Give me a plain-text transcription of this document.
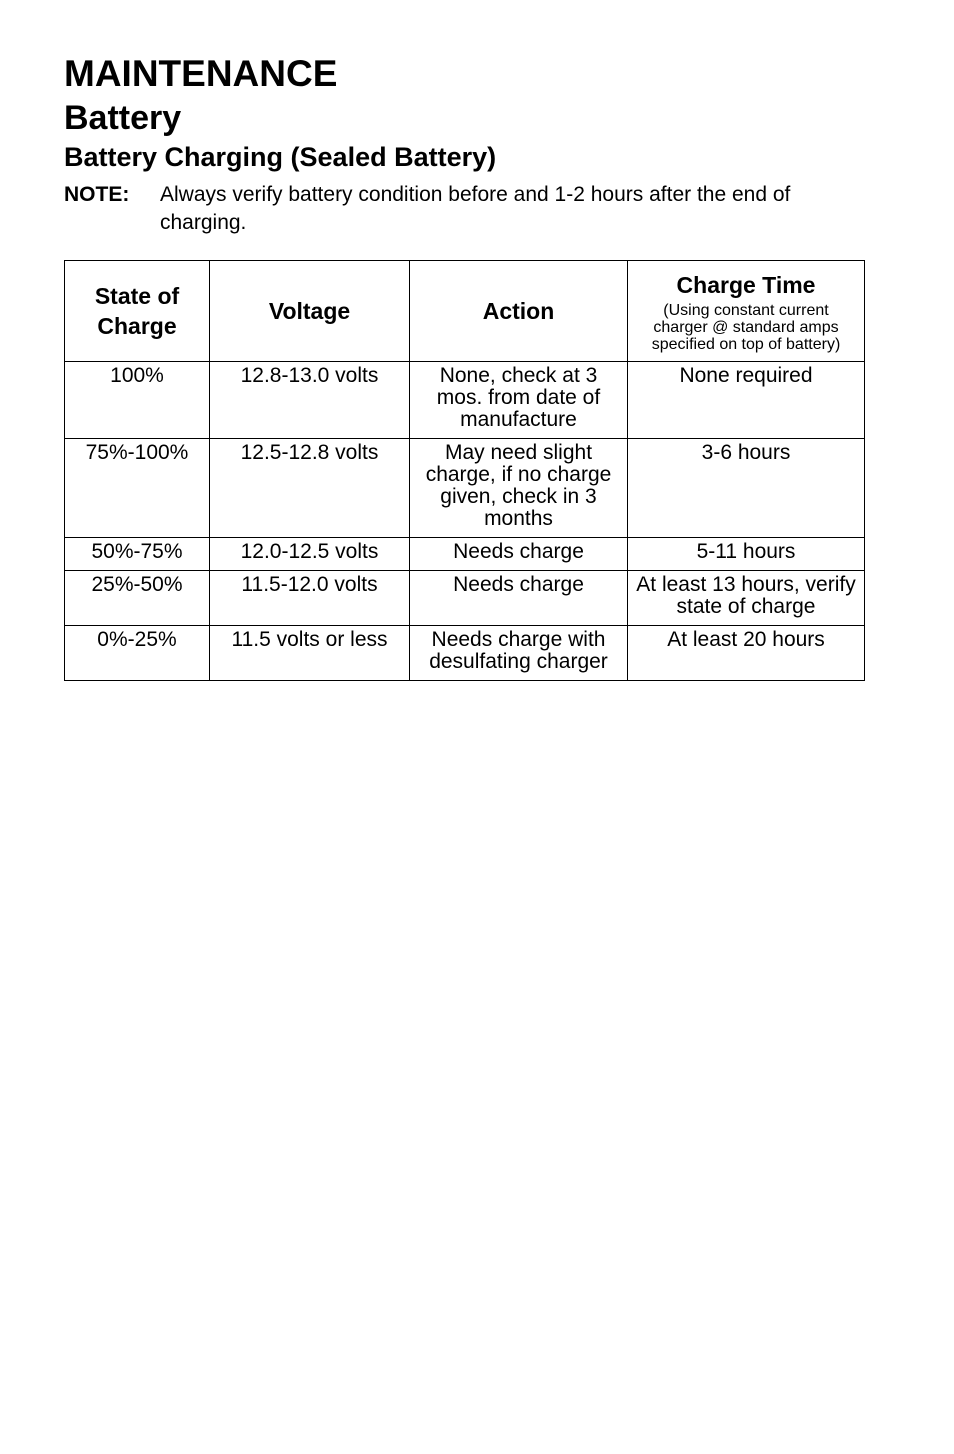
MAINTENANCE
Battery
Battery Charging (Sealed Battery)
NOTE: Always verify battery condition before and 1-2 hours after the end of charging.
State of Charge	Voltage	Action	Charge Time
(Using constant current charger @ standard amps specified on top of battery)

100%	12.8-13.0 volts	None, check at 3 mos. from date of manufacture	None required
75%-100%	12.5-12.8 volts	May need slight charge, if no charge given, check in 3 months	3-6 hours
50%-75%	12.0-12.5 volts	Needs charge	5-11 hours
25%-50%	11.5-12.0 volts	Needs charge	At least 13 hours, verify state of charge
0%-25%	11.5 volts or less	Needs charge with desulfating charger	At least 20 hours
